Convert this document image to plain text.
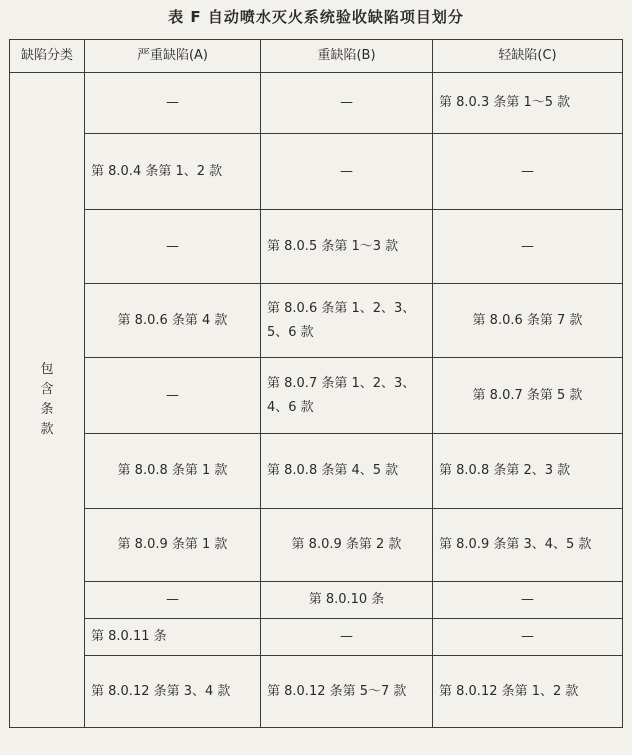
表 F 自动喷水灭火系统验收缺陷项目划分
缺陷分类	严重缺陷(A)	重缺陷(B)	轻缺陷(C)
包含条款	—	—	第 8.0.3 条第 1～5 款
	第 8.0.4 条第 1、2 款	—	—
	—	第 8.0.5 条第 1～3 款	—
	第 8.0.6 条第 4 款	第 8.0.6 条第 1、2、3、5、6 款	第 8.0.6 条第 7 款
	—	第 8.0.7 条第 1、2、3、4、6 款	第 8.0.7 条第 5 款
	第 8.0.8 条第 1 款	第 8.0.8 条第 4、5 款	第 8.0.8 条第 2、3 款
	第 8.0.9 条第 1 款	第 8.0.9 条第 2 款	第 8.0.9 条第 3、4、5 款
	—	第 8.0.10 条	—
	第 8.0.11 条	—	—
	第 8.0.12 条第 3、4 款	第 8.0.12 条第 5～7 款	第 8.0.12 条第 1、2 款
